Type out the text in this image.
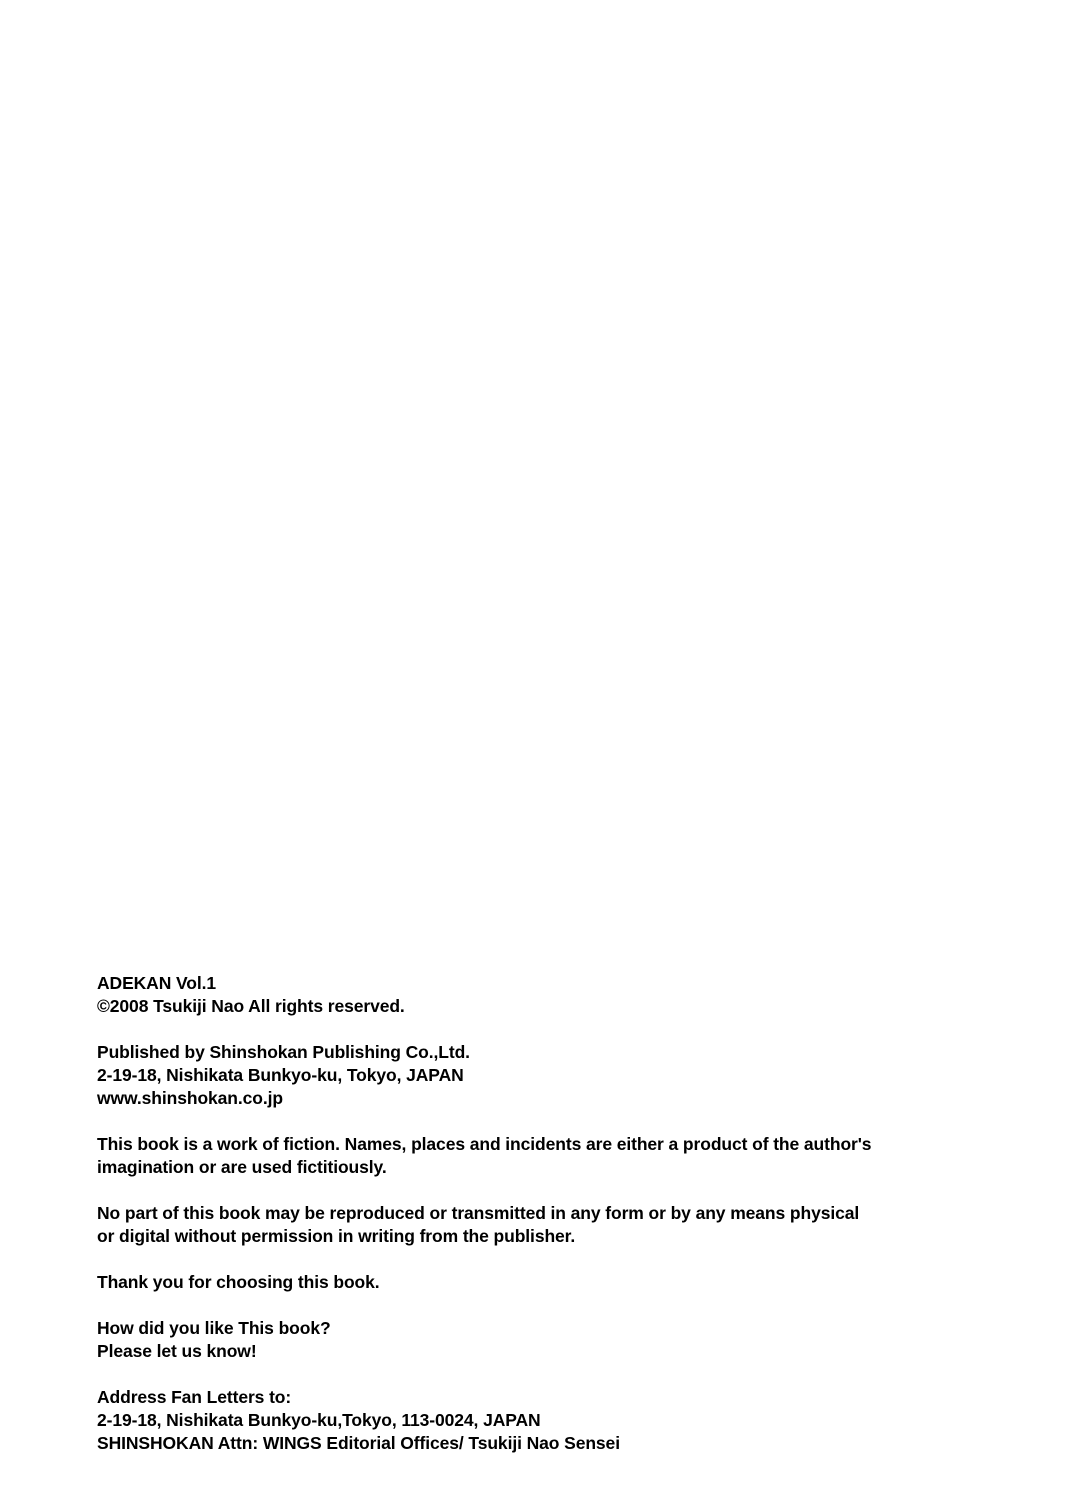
ADEKAN Vol.1
©2008 Tsukiji Nao All rights reserved.
Published by Shinshokan Publishing Co.,Ltd.
2-19-18, Nishikata Bunkyo-ku, Tokyo, JAPAN
www.shinshokan.co.jp
This book is a work of fiction. Names, places and incidents are either a product of the author's
imagination or are used fictitiously.
No part of this book may be reproduced or transmitted in any form or by any means physical
or digital without permission in writing from the publisher.
Thank you for choosing this book.
How did you like This book?
Please let us know!
Address Fan Letters to:
2-19-18, Nishikata Bunkyo-ku,Tokyo, 113-0024, JAPAN
SHINSHOKAN Attn: WINGS Editorial Offices/ Tsukiji Nao Sensei
